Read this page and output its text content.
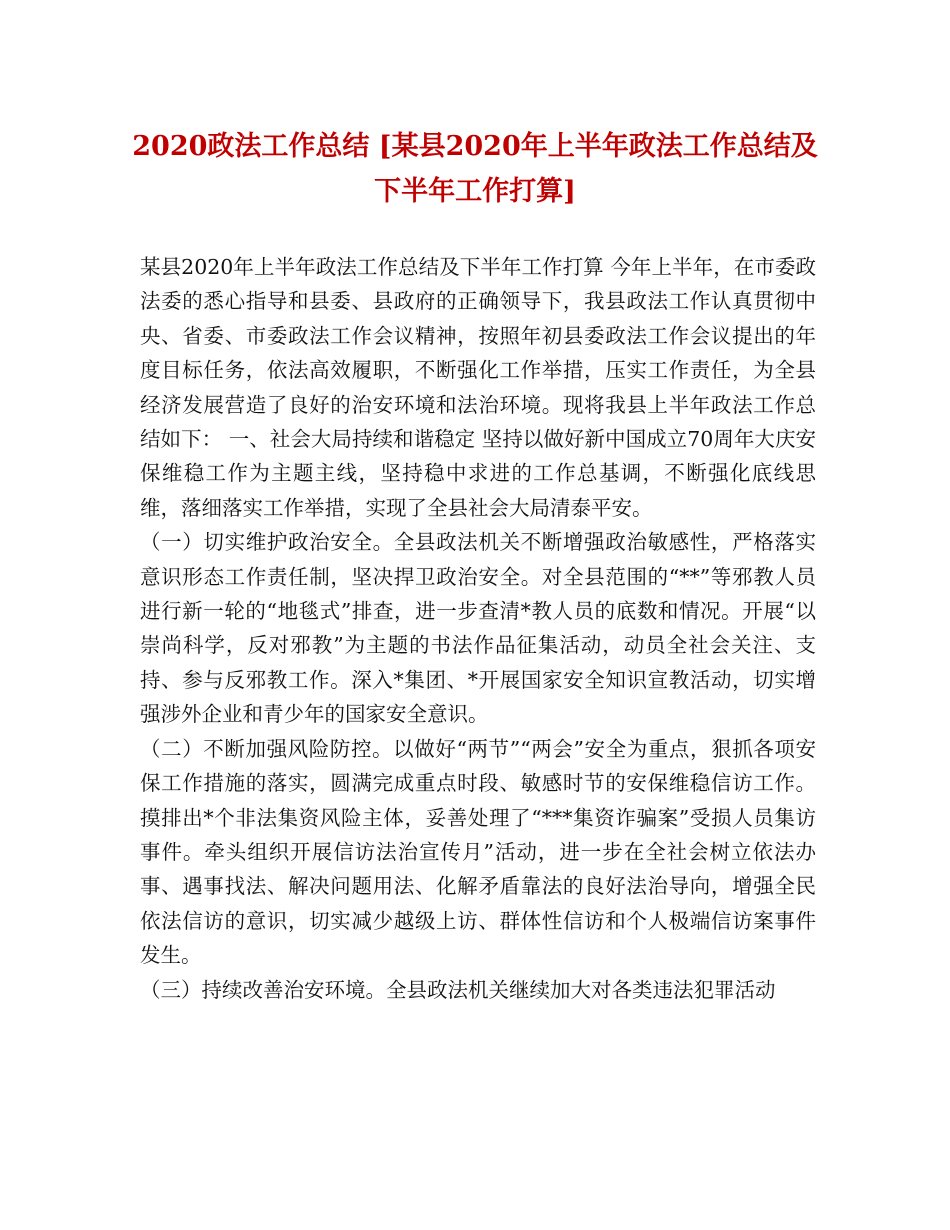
2020政法工作总结 [某县2020年上半年政法工作总结及下半年工作打算]

某县2020年上半年政法工作总结及下半年工作打算 今年上半年，在市委政法委的悉心指导和县委、县政府的正确领导下，我县政法工作认真贯彻中央、省委、市委政法工作会议精神，按照年初县委政法工作会议提出的年度目标任务，依法高效履职，不断强化工作举措，压实工作责任，为全县经济发展营造了良好的治安环境和法治环境。现将我县上半年政法工作总结如下： 一、社会大局持续和谐稳定 坚持以做好新中国成立70周年大庆安保维稳工作为主题主线，坚持稳中求进的工作总基调，不断强化底线思维，落细落实工作举措，实现了全县社会大局清泰平安。

（一）切实维护政治安全。全县政法机关不断增强政治敏感性，严格落实意识形态工作责任制，坚决捍卫政治安全。对全县范围的“**”等邪教人员进行新一轮的“地毯式”排查，进一步查清*教人员的底数和情况。开展“以崇尚科学，反对邪教”为主题的书法作品征集活动，动员全社会关注、支持、参与反邪教工作。深入*集团、*开展国家安全知识宣教活动，切实增强涉外企业和青少年的国家安全意识。

（二）不断加强风险防控。以做好“两节”“两会”安全为重点，狠抓各项安保工作措施的落实，圆满完成重点时段、敏感时节的安保维稳信访工作。摸排出*个非法集资风险主体，妥善处理了“***集资诈骗案”受损人员集访事件。牵头组织开展信访法治宣传月”活动，进一步在全社会树立依法办事、遇事找法、解决问题用法、化解矛盾靠法的良好法治导向，增强全民依法信访的意识，切实减少越级上访、群体性信访和个人极端信访案事件发生。

（三）持续改善治安环境。全县政法机关继续加大对各类违法犯罪活动
